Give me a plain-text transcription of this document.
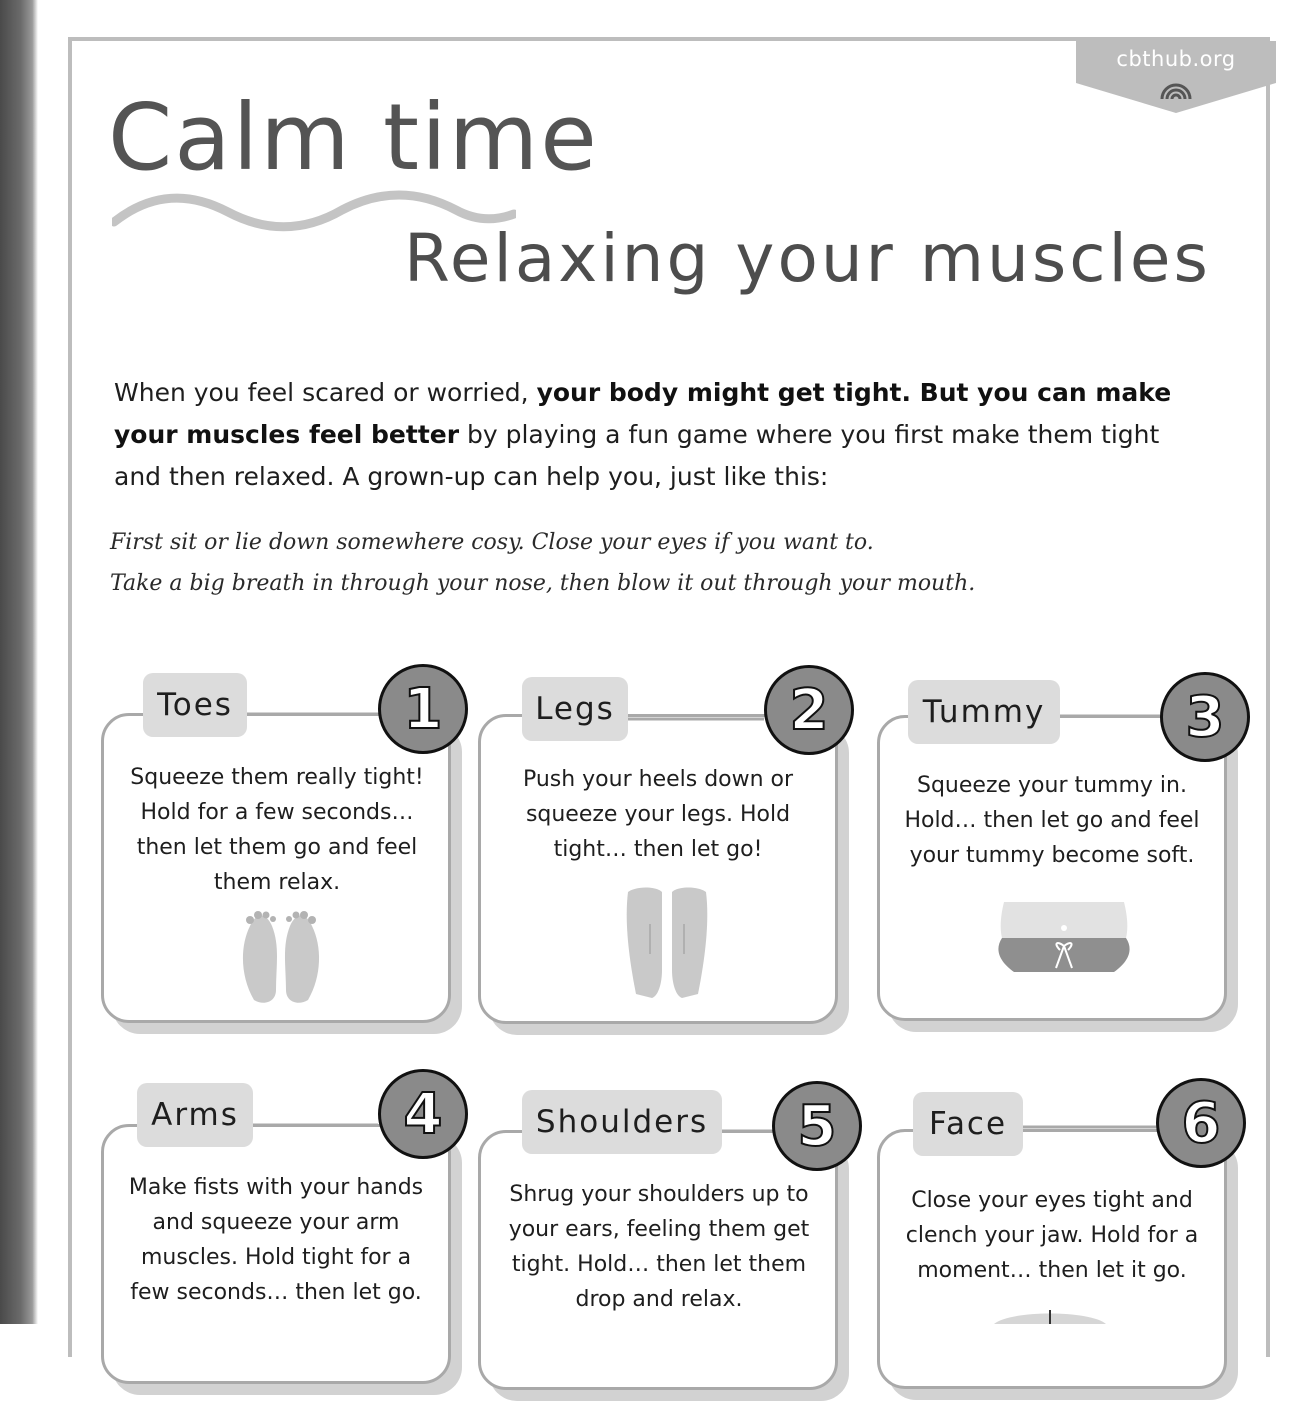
cbthub.org
Calm time
Relaxing your muscles

When you feel scared or worried, your body might get tight. But you can make your muscles feel better by playing a fun game where you first make them tight and then relaxed. A grown-up can help you, just like this:

First sit or lie down somewhere cosy. Close your eyes if you want to.

Take a big breath in through your nose, then blow it out through your mouth.

Toes	1

Squeeze them really tight! Hold for a few seconds… then let them go and feel them relax.

Legs	2

Push your heels down or squeeze your legs. Hold tight… then let go!

Tummy	3

Squeeze your tummy in. Hold… then let go and feel your tummy become soft.

Arms	4

Make fists with your hands and squeeze your arm muscles. Hold tight for a few seconds… then let go.

Shoulders	5

Shrug your shoulders up to your ears, feeling them get tight. Hold… then let them drop and relax.

Face	6

Close your eyes tight and clench your jaw. Hold for a moment… then let it go.
